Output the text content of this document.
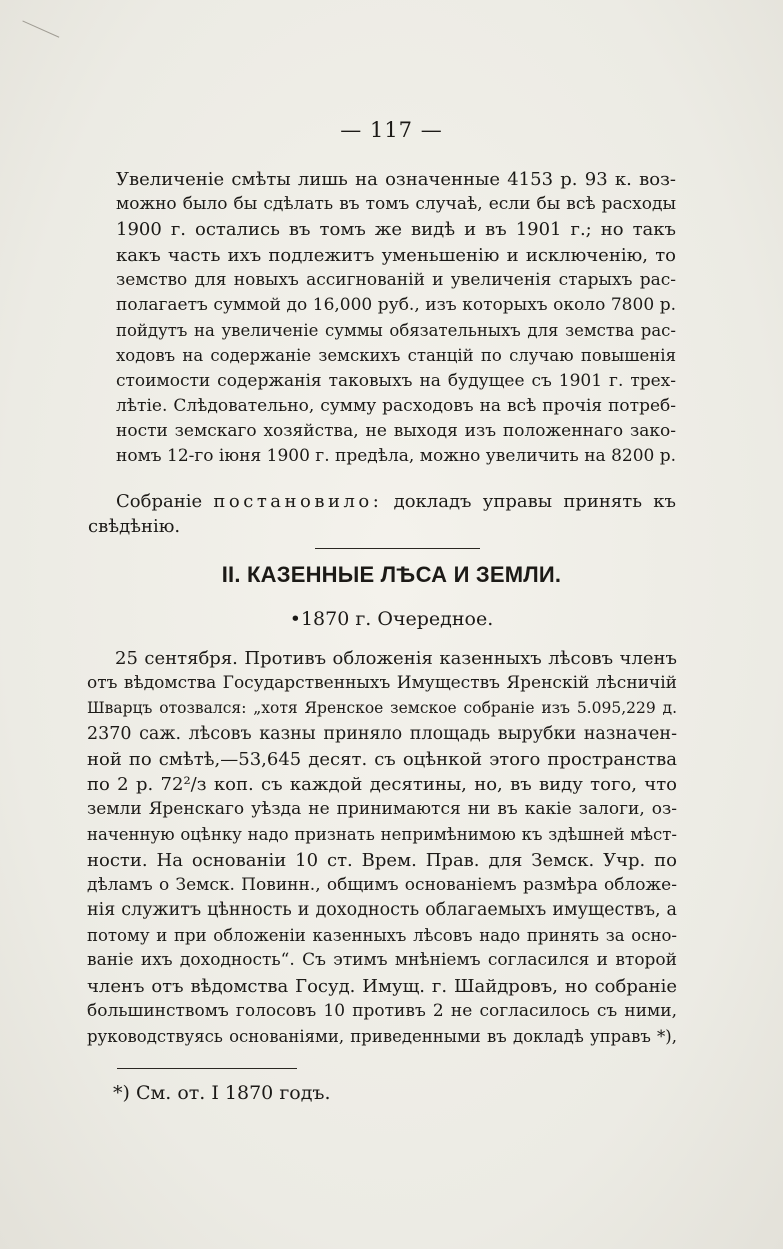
— 117 —
Увеличеніе смѣты лишь на означенные 4153 р. 93 к. воз-
можно было бы сдѣлать въ томъ случаѣ, если бы всѣ расходы
1900 г. остались въ томъ же видѣ и въ 1901 г.; но такъ
какъ часть ихъ подлежитъ уменьшенію и исключенію, то
земство для новыхъ ассигнованій и увеличенія старыхъ рас-
полагаетъ суммой до 16,000 руб., изъ которыхъ около 7800 р.
пойдутъ на увеличеніе суммы обязательныхъ для земства рас-
ходовъ на содержаніе земскихъ станцій по случаю повышенія
стоимости содержанія таковыхъ на будущее съ 1901 г. трех-
лѣтіе. Слѣдовательно, сумму расходовъ на всѣ прочія потреб-
ности земскаго хозяйства, не выходя изъ положеннаго зако-
номъ 12-го іюня 1900 г. предѣла, можно увеличить на 8200 р.
Собраніе постановило: докладъ управы принять къ
свѣдѣнію.
II. КАЗЕННЫЕ ЛѢСА И ЗЕМЛИ.
•1870 г. Очередное.
25 сентября. Противъ обложенія казенныхъ лѣсовъ членъ
отъ вѣдомства Государственныхъ Имуществъ Яренскій лѣсничій
Шварцъ отозвался: „хотя Яренское земское собраніе изъ 5.095,229 д.
2370 саж. лѣсовъ казны приняло площадь вырубки назначен-
ной по смѣтѣ,—53,645 десят. съ оцѣнкой этого пространства
по 2 р. 72²/з коп. съ каждой десятины, но, въ виду того, что
земли Яренскаго уѣзда не принимаются ни въ какіе залоги, оз-
наченную оцѣнку надо признать непримѣнимою къ здѣшней мѣст-
ности. На основаніи 10 ст. Врем. Прав. для Земск. Учр. по
дѣламъ о Земск. Повинн., общимъ основаніемъ размѣра обложе-
нія служитъ цѣнность и доходность облагаемыхъ имуществъ, а
потому и при обложеніи казенныхъ лѣсовъ надо принять за осно-
ваніе ихъ доходность“. Съ этимъ мнѣніемъ согласился и второй
членъ отъ вѣдомства Госуд. Имущ. г. Шайдровъ, но собраніе
большинствомъ голосовъ 10 противъ 2 не согласилось съ ними,
руководствуясь основаніями, приведенными въ докладѣ управъ *),
*) См. от. I 1870 годъ.
